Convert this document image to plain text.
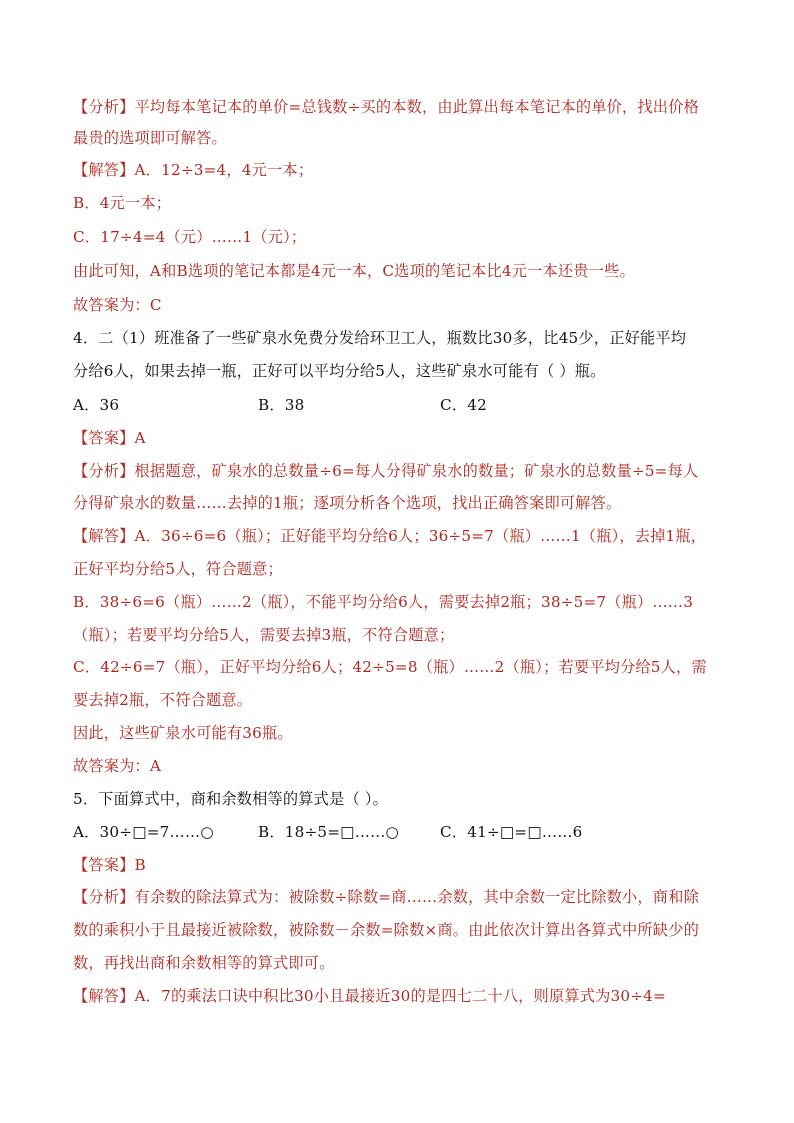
【分析】平均每本笔记本的单价=总钱数÷买的本数，由此算出每本笔记本的单价，找出价格
最贵的选项即可解答。
【解答】A．12÷3=4，4元一本；
B．4元一本；
C．17÷4=4（元）……1（元）；
由此可知，A和B选项的笔记本都是4元一本，C选项的笔记本比4元一本还贵一些。
故答案为：C
4．二（1）班准备了一些矿泉水免费分发给环卫工人，瓶数比30多，比45少，正好能平均
分给6人，如果去掉一瓶，正好可以平均分给5人，这些矿泉水可能有（ ）瓶。
A．36	B．38	C．42
【答案】A
【分析】根据题意，矿泉水的总数量÷6=每人分得矿泉水的数量；矿泉水的总数量÷5=每人
分得矿泉水的数量……去掉的1瓶；逐项分析各个选项，找出正确答案即可解答。
【解答】A．36÷6=6（瓶）；正好能平均分给6人；36÷5=7（瓶）……1（瓶），去掉1瓶，
正好平均分给5人，符合题意；
B．38÷6=6（瓶）……2（瓶），不能平均分给6人，需要去掉2瓶；38÷5=7（瓶）……3
（瓶）；若要平均分给5人，需要去掉3瓶，不符合题意；
C．42÷6=7（瓶），正好平均分给6人；42÷5=8（瓶）……2（瓶）；若要平均分给5人，需
要去掉2瓶，不符合题意。
因此，这些矿泉水可能有36瓶。
故答案为：A
5．下面算式中，商和余数相等的算式是（ ）。
A．30÷□=7……○	B．18÷5=□……○	C．41÷□=□……6
【答案】B
【分析】有余数的除法算式为：被除数÷除数=商……余数，其中余数一定比除数小，商和除
数的乘积小于且最接近被除数，被除数－余数=除数×商。由此依次计算出各算式中所缺少的
数，再找出商和余数相等的算式即可。
【解答】A．7的乘法口诀中积比30小且最接近30的是四七二十八，则原算式为30÷4=
